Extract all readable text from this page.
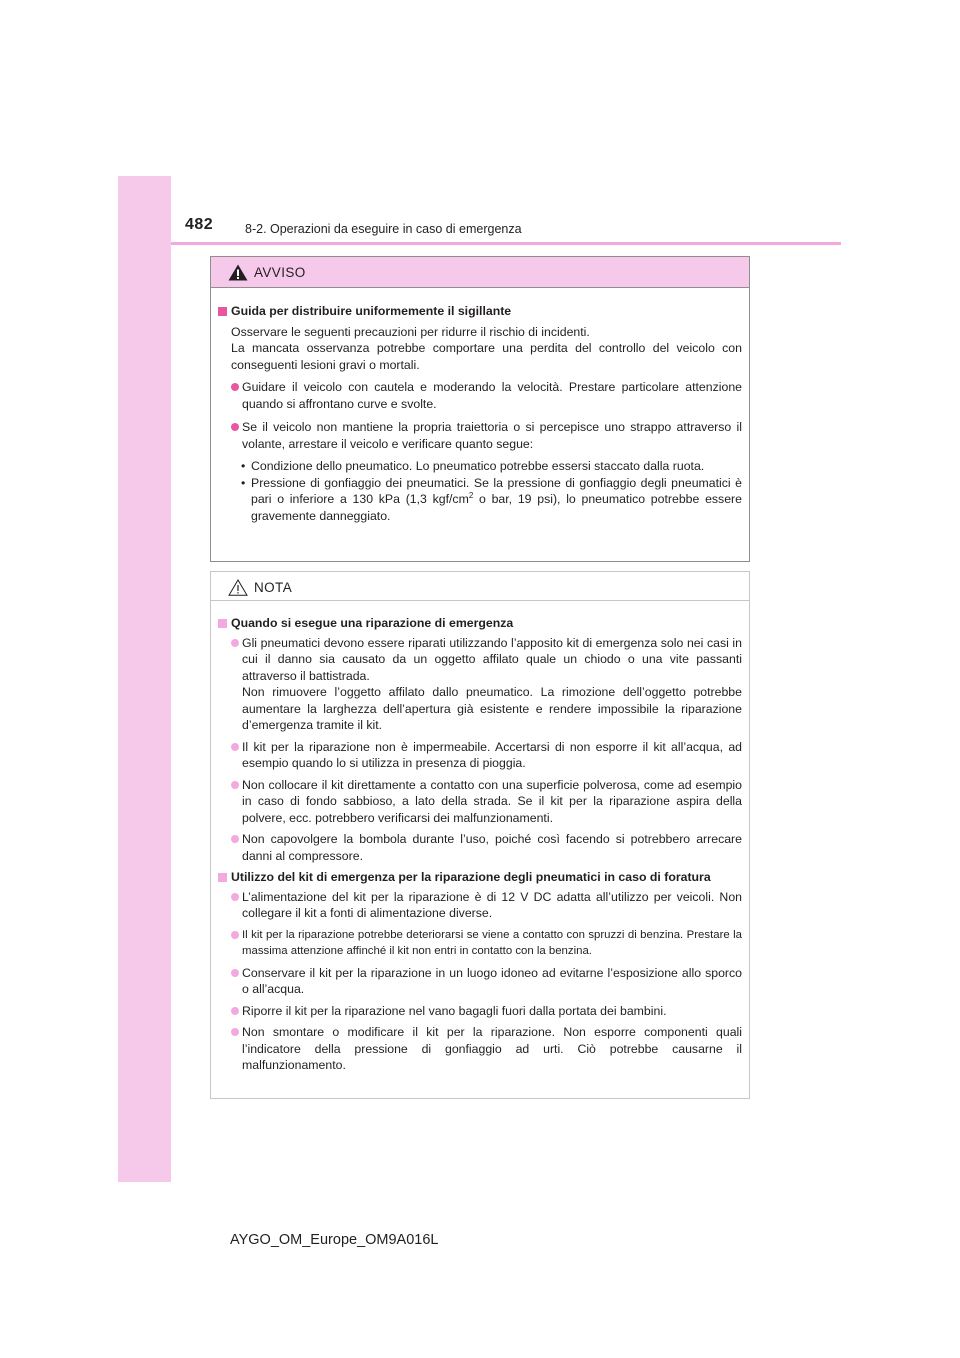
482	8-2. Operazioni da eseguire in caso di emergenza
AVVISO
Guida per distribuire uniformemente il sigillante
Osservare le seguenti precauzioni per ridurre il rischio di incidenti.
La mancata osservanza potrebbe comportare una perdita del controllo del veicolo con conseguenti lesioni gravi o mortali.
Guidare il veicolo con cautela e moderando la velocità. Prestare particolare attenzione quando si affrontano curve e svolte.
Se il veicolo non mantiene la propria traiettoria o si percepisce uno strappo attraverso il volante, arrestare il veicolo e verificare quanto segue:
• Condizione dello pneumatico. Lo pneumatico potrebbe essersi staccato dalla ruota.
• Pressione di gonfiaggio dei pneumatici. Se la pressione di gonfiaggio degli pneumatici è pari o inferiore a 130 kPa (1,3 kgf/$cm^2$ o bar, 19 psi), lo pneumatico potrebbe essere gravemente danneggiato.
NOTA
Quando si esegue una riparazione di emergenza
Gli pneumatici devono essere riparati utilizzando l’apposito kit di emergenza solo nei casi in cui il danno sia causato da un oggetto affilato quale un chiodo o una vite passanti attraverso il battistrada.
Non rimuovere l’oggetto affilato dallo pneumatico. La rimozione dell’oggetto potrebbe aumentare la larghezza dell’apertura già esistente e rendere impossibile la riparazione d’emergenza tramite il kit.
Il kit per la riparazione non è impermeabile. Accertarsi di non esporre il kit all’acqua, ad esempio quando lo si utilizza in presenza di pioggia.
Non collocare il kit direttamente a contatto con una superficie polverosa, come ad esempio in caso di fondo sabbioso, a lato della strada. Se il kit per la riparazione aspira della polvere, ecc. potrebbero verificarsi dei malfunzionamenti.
Non capovolgere la bombola durante l’uso, poiché così facendo si potrebbero arrecare danni al compressore.
Utilizzo del kit di emergenza per la riparazione degli pneumatici in caso di foratura
L’alimentazione del kit per la riparazione è di 12 V DC adatta all’utilizzo per veicoli. Non collegare il kit a fonti di alimentazione diverse.
Il kit per la riparazione potrebbe deteriorarsi se viene a contatto con spruzzi di benzina. Prestare la massima attenzione affinché il kit non entri in contatto con la benzina.
Conservare il kit per la riparazione in un luogo idoneo ad evitarne l’esposizione allo sporco o all’acqua.
Riporre il kit per la riparazione nel vano bagagli fuori dalla portata dei bambini.
Non smontare o modificare il kit per la riparazione. Non esporre componenti quali l’indicatore della pressione di gonfiaggio ad urti. Ciò potrebbe causarne il malfunzionamento.
AYGO_OM_Europe_OM9A016L
